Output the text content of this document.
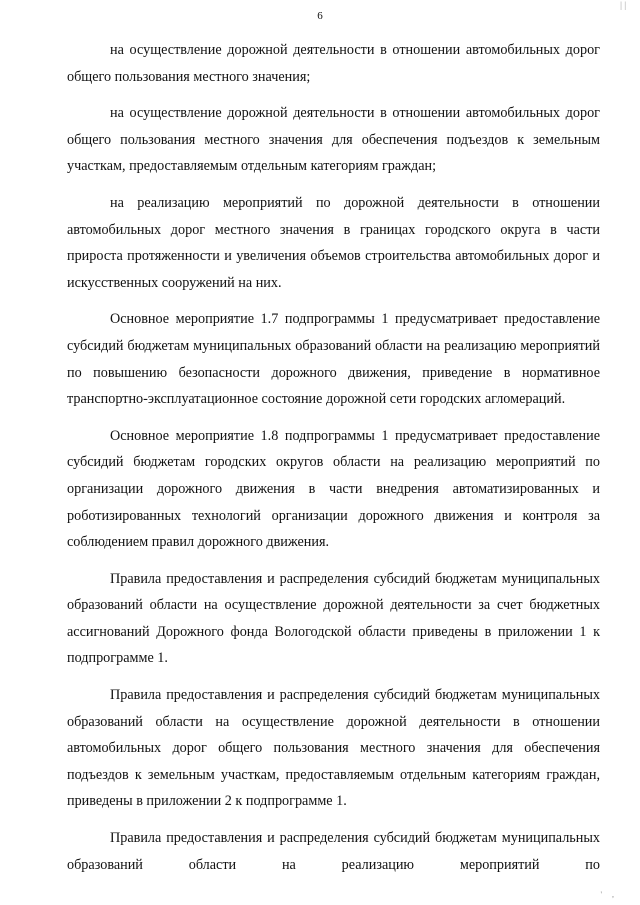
| |
6

на осуществление дорожной деятельности в отношении автомобильных дорог общего пользования местного значения;

на осуществление дорожной деятельности в отношении автомобильных дорог общего пользования местного значения для обеспечения подъездов к земельным участкам, предоставляемым отдельным категориям граждан;

на реализацию мероприятий по дорожной деятельности в отношении автомобильных дорог местного значения в границах городского округа в части прироста протяженности и увеличения объемов строительства автомобильных дорог и искусственных сооружений на них.

Основное мероприятие 1.7 подпрограммы 1 предусматривает предоставление субсидий бюджетам муниципальных образований области на реализацию мероприятий по повышению безопасности дорожного движения, приведение в нормативное транспортно-эксплуатационное состояние дорожной сети городских агломераций.

Основное мероприятие 1.8 подпрограммы 1 предусматривает предоставление субсидий бюджетам городских округов области на реализацию мероприятий по организации дорожного движения в части внедрения автоматизированных и роботизированных технологий организации дорожного движения и контроля за соблюдением правил дорожного движения.

Правила предоставления и распределения субсидий бюджетам муниципальных образований области на осуществление дорожной деятельности за счет бюджетных ассигнований Дорожного фонда Вологодской области приведены в приложении 1 к подпрограмме 1.

Правила предоставления и распределения субсидий бюджетам муниципальных образований области на осуществление дорожной деятельности в отношении автомобильных дорог общего пользования местного значения для обеспечения подъездов к земельным участкам, предоставляемым отдельным категориям граждан, приведены в приложении 2 к подпрограмме 1.

Правила предоставления и распределения субсидий бюджетам муниципальных образований области на реализацию мероприятий по

' ,
